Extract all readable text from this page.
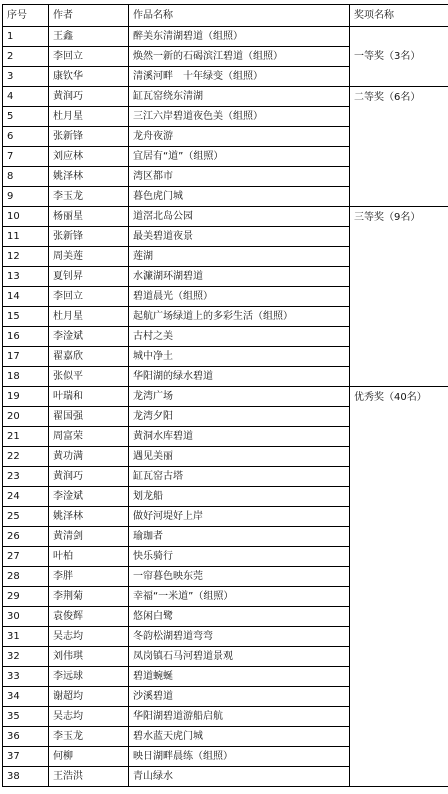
序号	作者	作品名称	奖项名称
1	王鑫	醉美东清湖碧道（组照）	一等奖（3名）
2	李回立	焕然一新的石碣滨江碧道（组照）	
3	康钦华	清溪河畔　十年绿变（组照）	
4	黄润巧	缸瓦窑绕东清湖	二等奖（6名）
5	杜月星	三江六岸碧道夜色美（组照）	
6	张新锋	龙舟夜游	
7	刘应林	宜居有“道”（组照）	
8	姚泽林	湾区都市	
9	李玉龙	暮色虎门城	
10	杨丽星	道滘北岛公园	三等奖（9名）
11	张新锋	最美碧道夜景	
12	周美莲	莲湖	
13	夏钊昇	水濂湖环湖碧道	
14	李回立	碧道晨光（组照）	
15	杜月星	起航广场绿道上的多彩生活（组照）	
16	李淦斌	古村之美	
17	翟嘉欣	城中净土	
18	张似平	华阳湖的绿水碧道	
19	叶瑞和	龙湾广场	优秀奖（40名）
20	翟国强	龙湾夕阳	
21	周富荣	黄洞水库碧道	
22	黄功满	遇见美丽	
23	黄润巧	缸瓦窑古塔	
24	李淦斌	划龙船	
25	姚泽林	做好河堤好上岸	
26	黄清剑	瑜珈者	
27	叶柏	快乐骑行	
28	李胖	一帘暮色映东莞	
29	李荆菊	幸福“一米道”（组照）	
30	袁俊辉	悠闲白鹭	
31	吴志均	冬韵松湖碧道弯弯	
32	刘伟琪	凤岗镇石马河碧道景观	
33	李远球	碧道蜿蜒	
34	谢超均	沙溪碧道	
35	吴志均	华阳湖碧道游船启航	
36	李玉龙	碧水蓝天虎门城	
37	何柳	映日湖畔晨练（组照）	
38	王浩洪	青山绿水	
